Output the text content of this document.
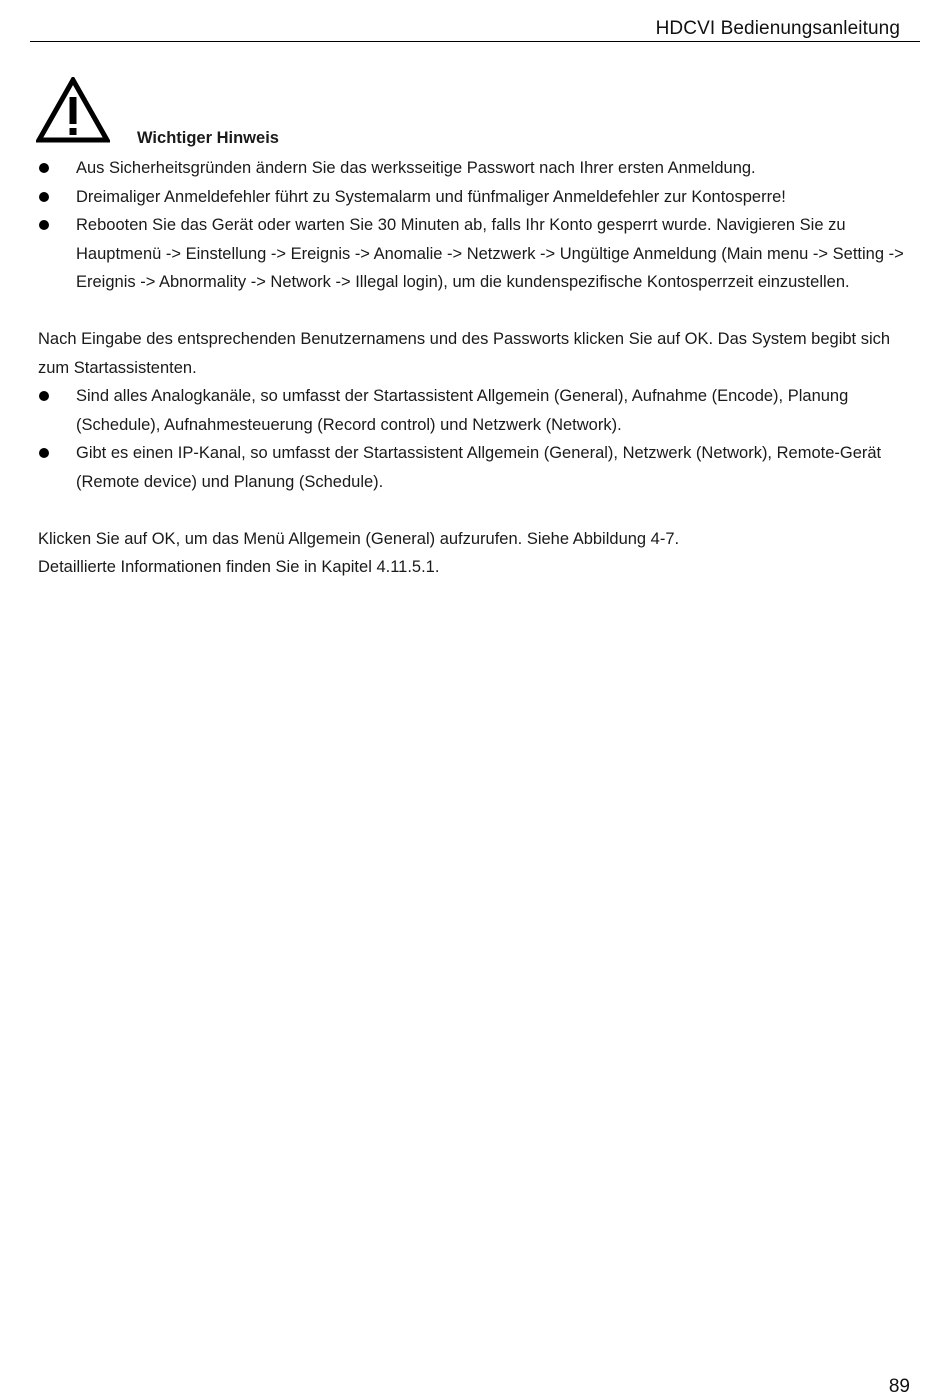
HDCVI Bedienungsanleitung
Wichtiger Hinweis
Aus Sicherheitsgründen ändern Sie das werksseitige Passwort nach Ihrer ersten Anmeldung.
Dreimaliger Anmeldefehler führt zu Systemalarm und fünfmaliger Anmeldefehler zur Kontosperre!
Rebooten Sie das Gerät oder warten Sie 30 Minuten ab, falls Ihr Konto gesperrt wurde. Navigieren Sie zu Hauptmenü -> Einstellung -> Ereignis -> Anomalie -> Netzwerk -> Ungültige Anmeldung (Main menu -> Setting -> Ereignis -> Abnormality -> Network -> Illegal login), um die kundenspezifische Kontosperrzeit einzustellen.

Nach Eingabe des entsprechenden Benutzernamens und des Passworts klicken Sie auf OK. Das System begibt sich zum Startassistenten.

Sind alles Analogkanäle, so umfasst der Startassistent Allgemein (General), Aufnahme (Encode), Planung (Schedule), Aufnahmesteuerung (Record control) und Netzwerk (Network).
Gibt es einen IP-Kanal, so umfasst der Startassistent Allgemein (General), Netzwerk (Network), Remote-Gerät (Remote device) und Planung (Schedule).

Klicken Sie auf OK, um das Menü Allgemein (General) aufzurufen. Siehe Abbildung 4-7.

Detaillierte Informationen finden Sie in Kapitel 4.11.5.1.

89
